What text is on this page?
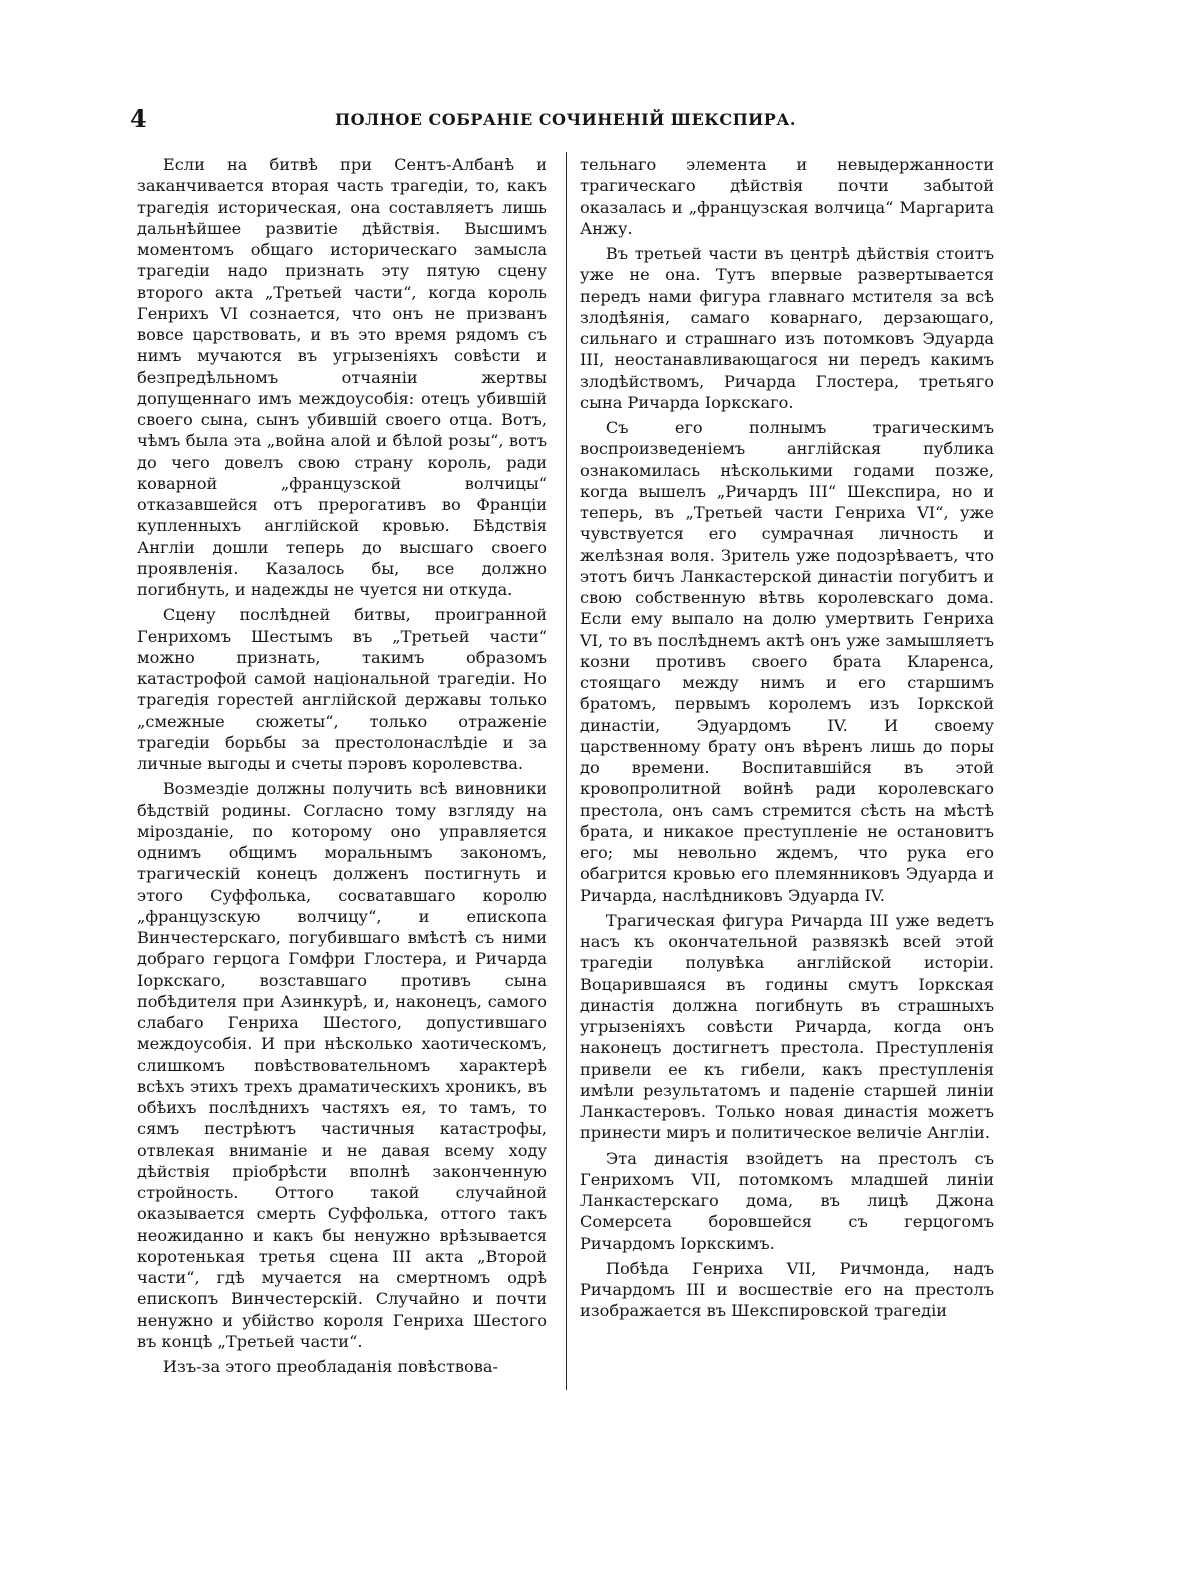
4	ПОЛНОЕ СОБРАНІЕ СОЧИНЕНІЙ ШЕКСПИРА.

Если на битвѣ при Сентъ-Албанѣ и заканчивается вторая часть трагедіи, то, какъ трагедія историческая, она составляетъ лишь дальнѣйшее развитіе дѣйствія. Высшимъ моментомъ общаго историческаго замысла трагедіи надо признать эту пятую сцену второго акта „Третьей части“, когда король Генрихъ VI сознается, что онъ не призванъ вовсе царствовать, и въ это время рядомъ съ нимъ мучаются въ угрызеніяхъ совѣсти и безпредѣльномъ отчаяніи жертвы допущеннаго имъ междоусобія: отецъ убившій своего сына, сынъ убившій своего отца. Вотъ, чѣмъ была эта „война алой и бѣлой розы“, вотъ до чего довелъ свою страну король, ради коварной „французской волчицы“ отказавшейся отъ прерогативъ во Франціи купленныхъ англійской кровью. Бѣдствія Англіи дошли теперь до высшаго своего проявленія. Казалось бы, все должно погибнуть, и надежды не чуется ни откуда.

Сцену послѣдней битвы, проигранной Генрихомъ Шестымъ въ „Третьей части“ можно признать, такимъ образомъ катастрофой самой національной трагедіи. Но трагедія горестей англійской державы только „смежные сюжеты“, только отраженіе трагедіи борьбы за престолонаслѣдіе и за личные выгоды и счеты пэровъ королевства.

Возмездіе должны получить всѣ виновники бѣдствій родины. Согласно тому взгляду на мірозданіе, по которому оно управляется однимъ общимъ моральнымъ закономъ, трагическій конецъ долженъ постигнуть и этого Суффолька, сосватавшаго королю „французскую волчицу“, и епископа Винчестерскаго, погубившаго вмѣстѣ съ ними добраго герцога Гомфри Глостера, и Ричарда Іоркскаго, возставшаго противъ сына побѣдителя при Азинкурѣ, и, наконецъ, самого слабаго Генриха Шестого, допустившаго междоусобія. И при нѣсколько хаотическомъ, слишкомъ повѣствовательномъ характерѣ всѣхъ этихъ трехъ драматическихъ хроникъ, въ обѣихъ послѣднихъ частяхъ ея, то тамъ, то сямъ пестрѣютъ частичныя катастрофы, отвлекая вниманіе и не давая всему ходу дѣйствія пріобрѣсти вполнѣ законченную стройность. Оттого такой случайной оказывается смерть Суффолька, оттого такъ неожиданно и какъ бы ненужно врѣзывается коротенькая третья сцена III акта „Второй части“, гдѣ мучается на смертномъ одрѣ епископъ Винчестерскій. Случайно и почти ненужно и убійство короля Генриха Шестого въ концѣ „Третьей части“.

Изъ-за этого преобладанія повѣствова-

тельнаго элемента и невыдержанности трагическаго дѣйствія почти забытой оказалась и „французская волчица“ Маргарита Анжу.

Въ третьей части въ центрѣ дѣйствія стоитъ уже не она. Тутъ впервые развертывается передъ нами фигура главнаго мстителя за всѣ злодѣянія, самаго коварнаго, дерзающаго, сильнаго и страшнаго изъ потомковъ Эдуарда III, неостанавливающагося ни передъ какимъ злодѣйствомъ, Ричарда Глостера, третьяго сына Ричарда Іоркскаго.

Съ его полнымъ трагическимъ воспроизведеніемъ англійская публика ознакомилась нѣсколькими годами позже, когда вышелъ „Ричардъ III“ Шекспира, но и теперь, въ „Третьей части Генриха VI“, уже чувствуется его сумрачная личность и желѣзная воля. Зритель уже подозрѣваетъ, что этотъ бичъ Ланкастерской династіи погубитъ и свою собственную вѣтвь королевскаго дома. Если ему выпало на долю умертвить Генриха VI, то въ послѣднемъ актѣ онъ уже замышляетъ козни противъ своего брата Кларенса, стоящаго между нимъ и его старшимъ братомъ, первымъ королемъ изъ Іоркской династіи, Эдуардомъ IV. И своему царственному брату онъ вѣренъ лишь до поры до времени. Воспитавшійся въ этой кровопролитной войнѣ ради королевскаго престола, онъ самъ стремится сѣсть на мѣстѣ брата, и никакое преступленіе не остановитъ его; мы невольно ждемъ, что рука его обагрится кровью его племянниковъ Эдуарда и Ричарда, наслѣдниковъ Эдуарда IV.

Трагическая фигура Ричарда III уже ведетъ насъ къ окончательной развязкѣ всей этой трагедіи полувѣка англійской исторіи. Воцарившаяся въ годины смутъ Іоркская династія должна погибнуть въ страшныхъ угрызеніяхъ совѣсти Ричарда, когда онъ наконецъ достигнетъ престола. Преступленія привели ее къ гибели, какъ преступленія имѣли результатомъ и паденіе старшей линіи Ланкастеровъ. Только новая династія можетъ принести миръ и политическое величіе Англіи.

Эта династія взойдетъ на престолъ съ Генрихомъ VII, потомкомъ младшей линіи Ланкастерскаго дома, въ лицѣ Джона Сомерсета боровшейся съ герцогомъ Ричардомъ Іоркскимъ.

Побѣда Генриха VII, Ричмонда, надъ Ричардомъ III и восшествіе его на престолъ изображается въ Шекспировской трагедіи
